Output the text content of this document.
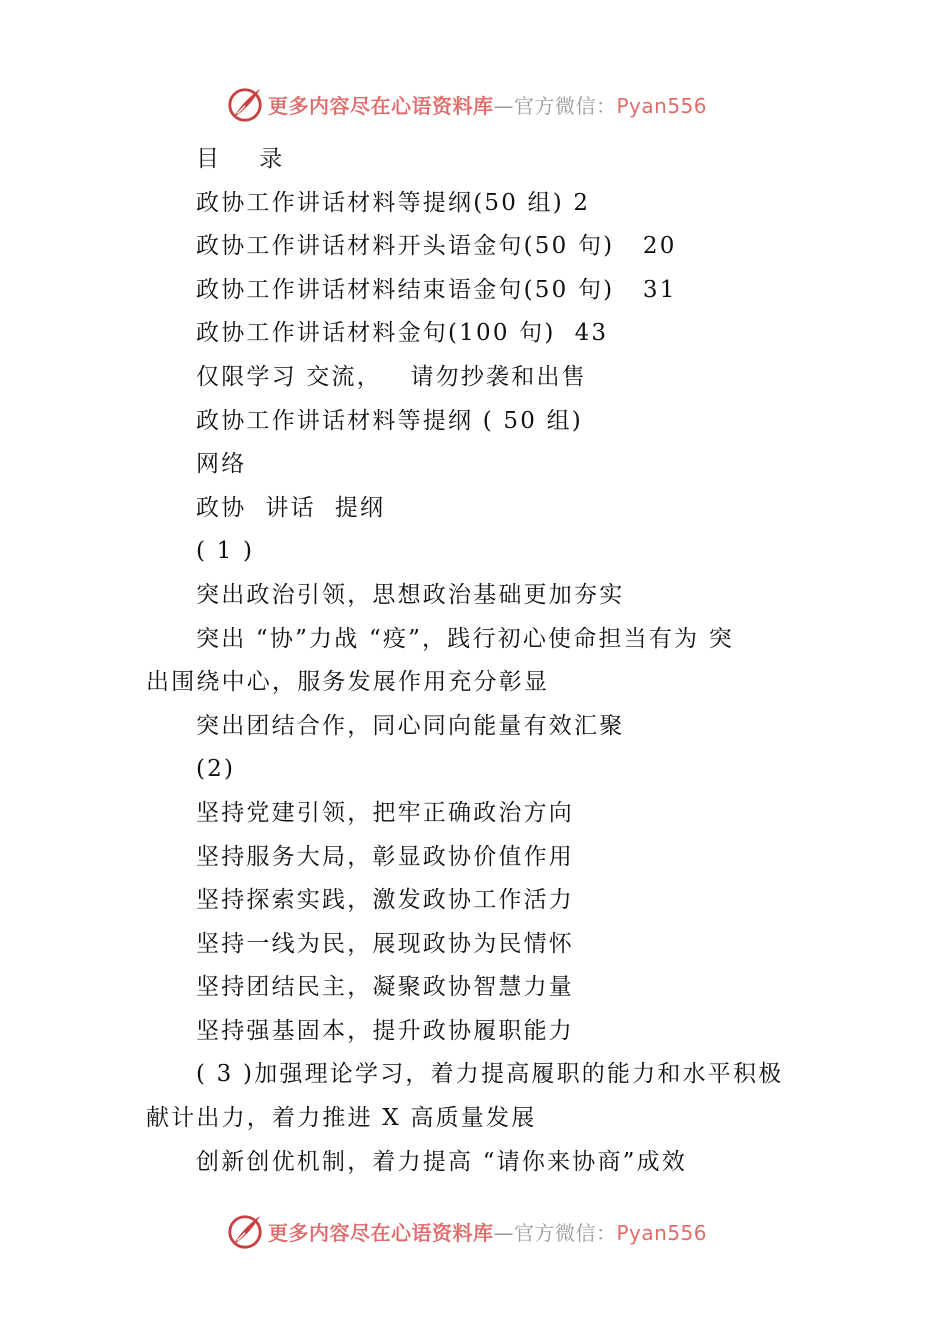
更多内容尽在心语资料库—官方微信：Pyan556
目    录
政协工作讲话材料等提纲(50 组) 2
政协工作讲话材料开头语金句(50 句)   20
政协工作讲话材料结束语金句(50 句)   31
政协工作讲话材料金句(100 句)  43
仅限学习 交流，   请勿抄袭和出售
政协工作讲话材料等提纲 ( 50 组)
网络
政协  讲话  提纲
( 1 )
突出政治引领，思想政治基础更加夯实
突出 “协”力战 “疫”，践行初心使命担当有为 突
出围绕中心，服务发展作用充分彰显
突出团结合作，同心同向能量有效汇聚
(2)
坚持党建引领，把牢正确政治方向
坚持服务大局，彰显政协价值作用
坚持探索实践，激发政协工作活力
坚持一线为民，展现政协为民情怀
坚持团结民主，凝聚政协智慧力量
坚持强基固本，提升政协履职能力
( 3 )加强理论学习，着力提高履职的能力和水平积极
献计出力，着力推进 X 高质量发展
创新创优机制，着力提高 “请你来协商”成效
更多内容尽在心语资料库—官方微信：Pyan556
